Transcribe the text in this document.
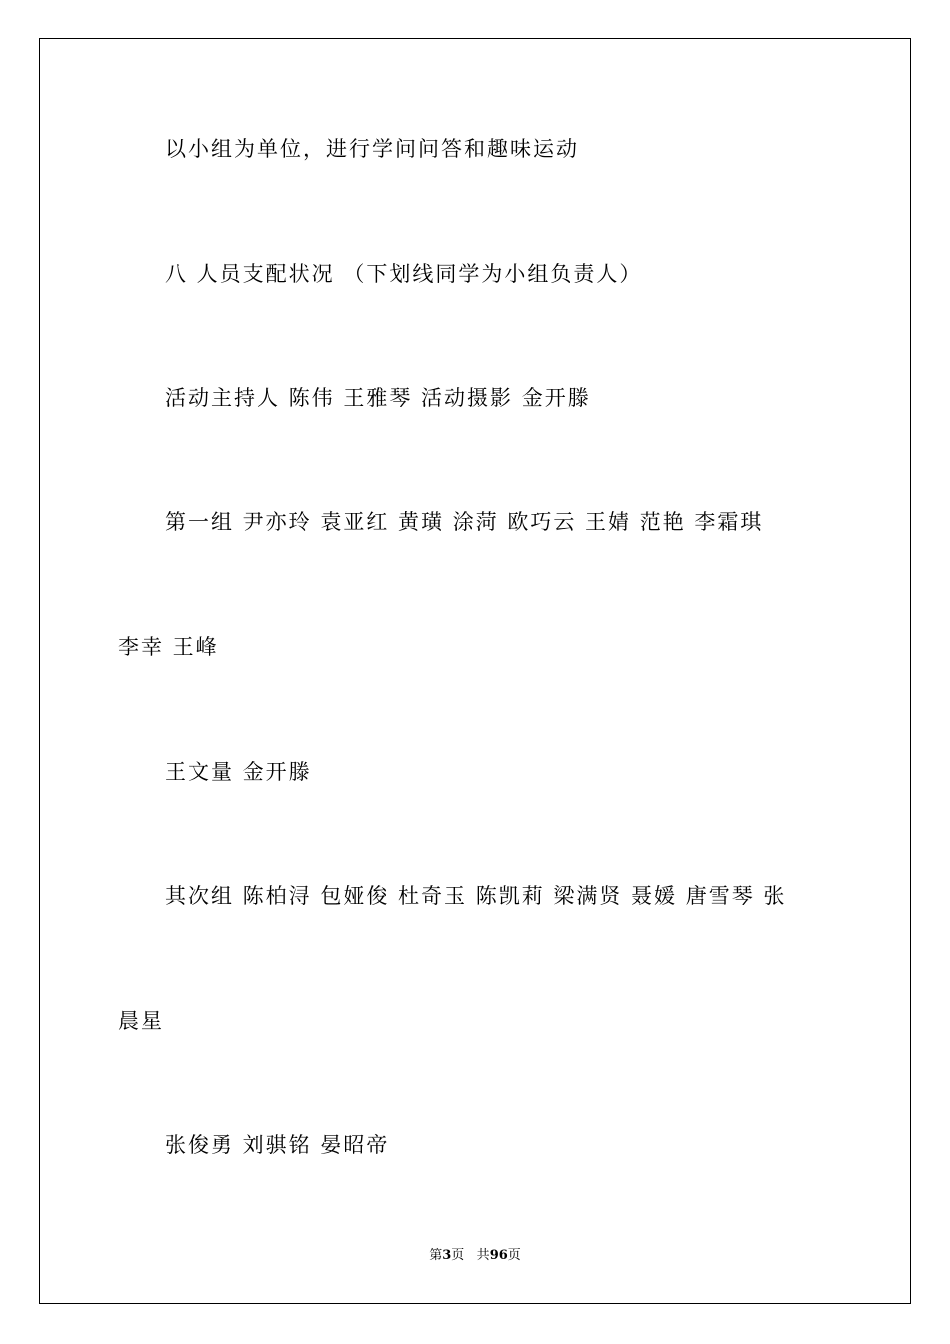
以小组为单位，进行学问问答和趣味运动
八 人员支配状况 （下划线同学为小组负责人）
活动主持人 陈伟 王雅琴 活动摄影 金开滕
第一组 尹亦玲 袁亚红 黄璜 涂菏 欧巧云 王婧 范艳 李霜琪
李幸 王峰
王文量 金开滕
其次组 陈柏浔 包娅俊 杜奇玉 陈凯莉 梁满贤 聂媛 唐雪琴 张
晨星
张俊勇 刘骐铭 晏昭帝
第3页 共96页
